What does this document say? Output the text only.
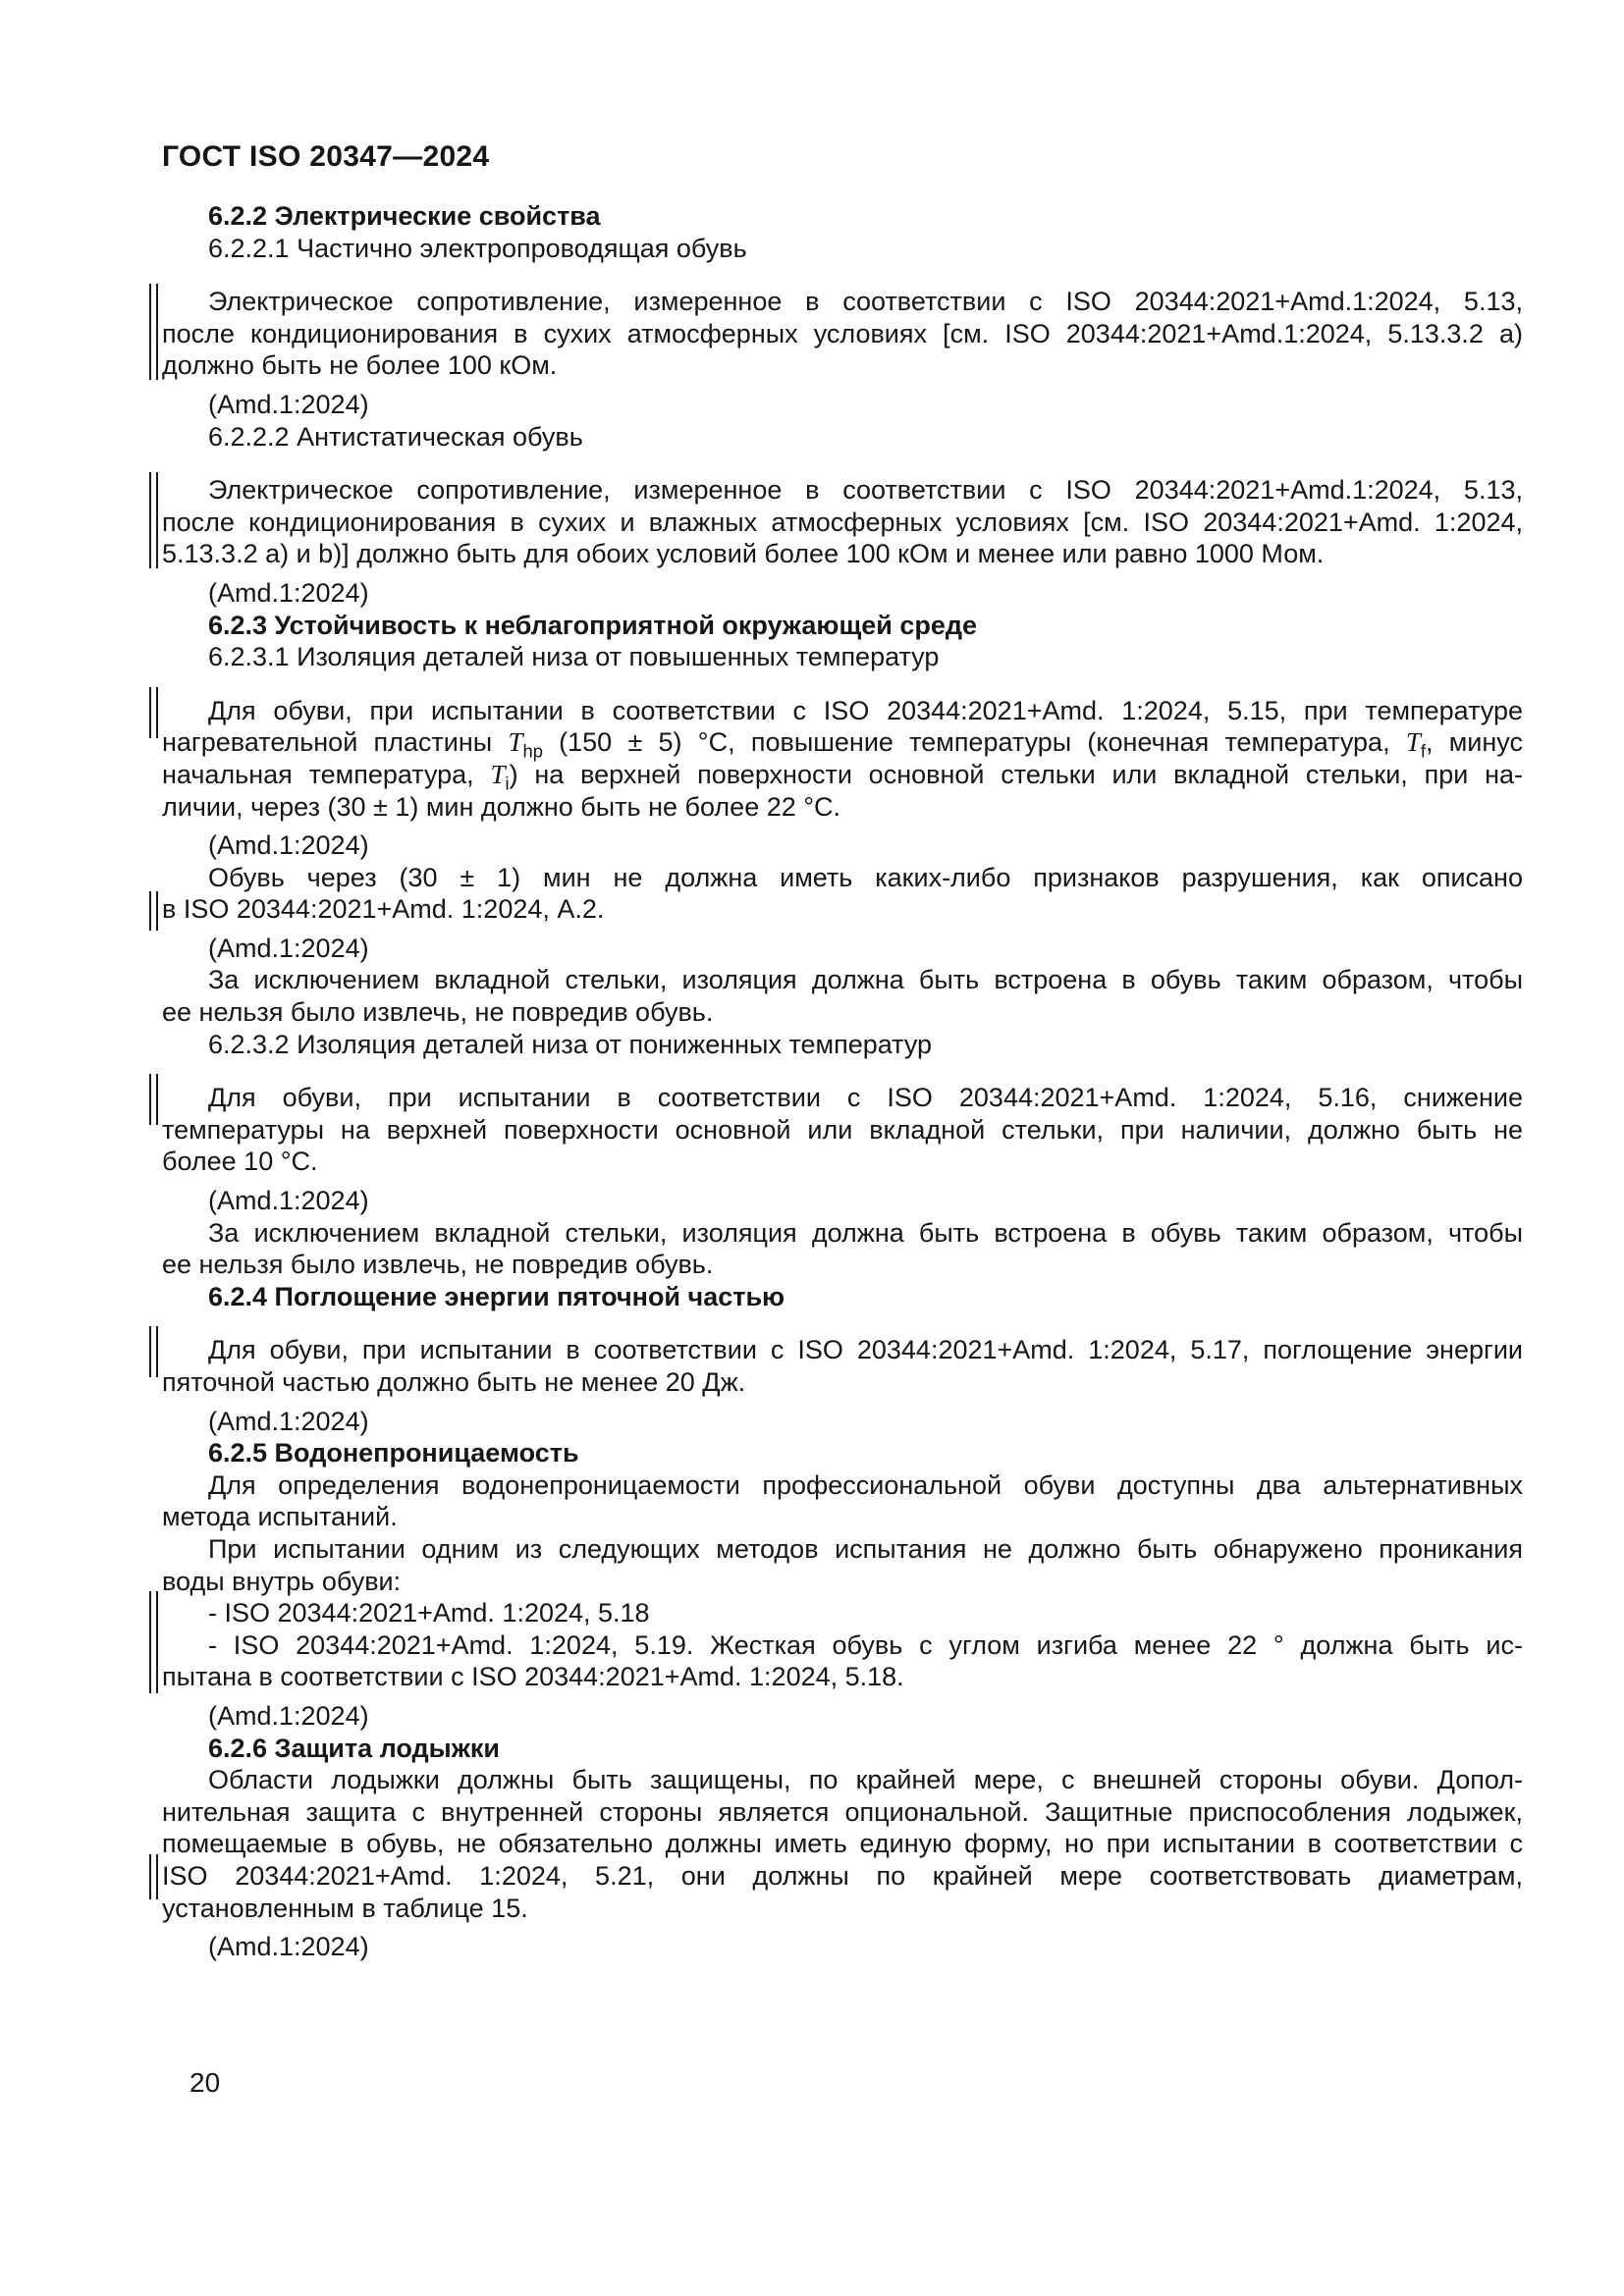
ГОСТ ISO 20347—2024
6.2.2 Электрические свойства
6.2.2.1 Частично электропроводящая обувь
Электрическое сопротивление, измеренное в соответствии с ISO 20344:2021+Amd.1:2024, 5.13,
после кондиционирования в сухих атмосферных условиях [см. ISO 20344:2021+Amd.1:2024, 5.13.3.2 а)
должно быть не более 100 кОм.
(Amd.1:2024)
6.2.2.2 Антистатическая обувь
Электрическое сопротивление, измеренное в соответствии с ISO 20344:2021+Amd.1:2024, 5.13,
после кондиционирования в сухих и влажных атмосферных условиях [см. ISO 20344:2021+Amd. 1:2024,
5.13.3.2 а) и b)] должно быть для обоих условий более 100 кОм и менее или равно 1000 Мом.
(Amd.1:2024)
6.2.3 Устойчивость к неблагоприятной окружающей среде
6.2.3.1 Изоляция деталей низа от повышенных температур
Для обуви, при испытании в соответствии с ISO 20344:2021+Amd. 1:2024, 5.15, при температуре
нагревательной пластины $T_{hp}$ (150 ± 5) °С, повышение температуры (конечная температура, $T_f$, минус
начальная температура, $T_i$) на верхней поверхности основной стельки или вкладной стельки, при на-
личии, через (30 ± 1) мин должно быть не более 22 °С.
(Amd.1:2024)
Обувь через (30 ± 1) мин не должна иметь каких-либо признаков разрушения, как описано
в ISO 20344:2021+Amd. 1:2024, А.2.
(Amd.1:2024)
За исключением вкладной стельки, изоляция должна быть встроена в обувь таким образом, чтобы
ее нельзя было извлечь, не повредив обувь.
6.2.3.2 Изоляция деталей низа от пониженных температур
Для обуви, при испытании в соответствии с ISO 20344:2021+Amd. 1:2024, 5.16, снижение
температуры на верхней поверхности основной или вкладной стельки, при наличии, должно быть не
более 10 °С.
(Amd.1:2024)
За исключением вкладной стельки, изоляция должна быть встроена в обувь таким образом, чтобы
ее нельзя было извлечь, не повредив обувь.
6.2.4 Поглощение энергии пяточной частью
Для обуви, при испытании в соответствии с ISO 20344:2021+Amd. 1:2024, 5.17, поглощение энергии
пяточной частью должно быть не менее 20 Дж.
(Amd.1:2024)
6.2.5 Водонепроницаемость
Для определения водонепроницаемости профессиональной обуви доступны два альтернативных
метода испытаний.
При испытании одним из следующих методов испытания не должно быть обнаружено проникания
воды внутрь обуви:
- ISO 20344:2021+Amd. 1:2024, 5.18
- ISO 20344:2021+Amd. 1:2024, 5.19. Жесткая обувь с углом изгиба менее 22 ° должна быть ис-
пытана в соответствии с ISO 20344:2021+Amd. 1:2024, 5.18.
(Amd.1:2024)
6.2.6 Защита лодыжки
Области лодыжки должны быть защищены, по крайней мере, с внешней стороны обуви. Допол-
нительная защита с внутренней стороны является опциональной. Защитные приспособления лодыжек,
помещаемые в обувь, не обязательно должны иметь единую форму, но при испытании в соответствии с
ISO 20344:2021+Amd. 1:2024, 5.21, они должны по крайней мере соответствовать диаметрам,
установленным в таблице 15.
(Amd.1:2024)
20
